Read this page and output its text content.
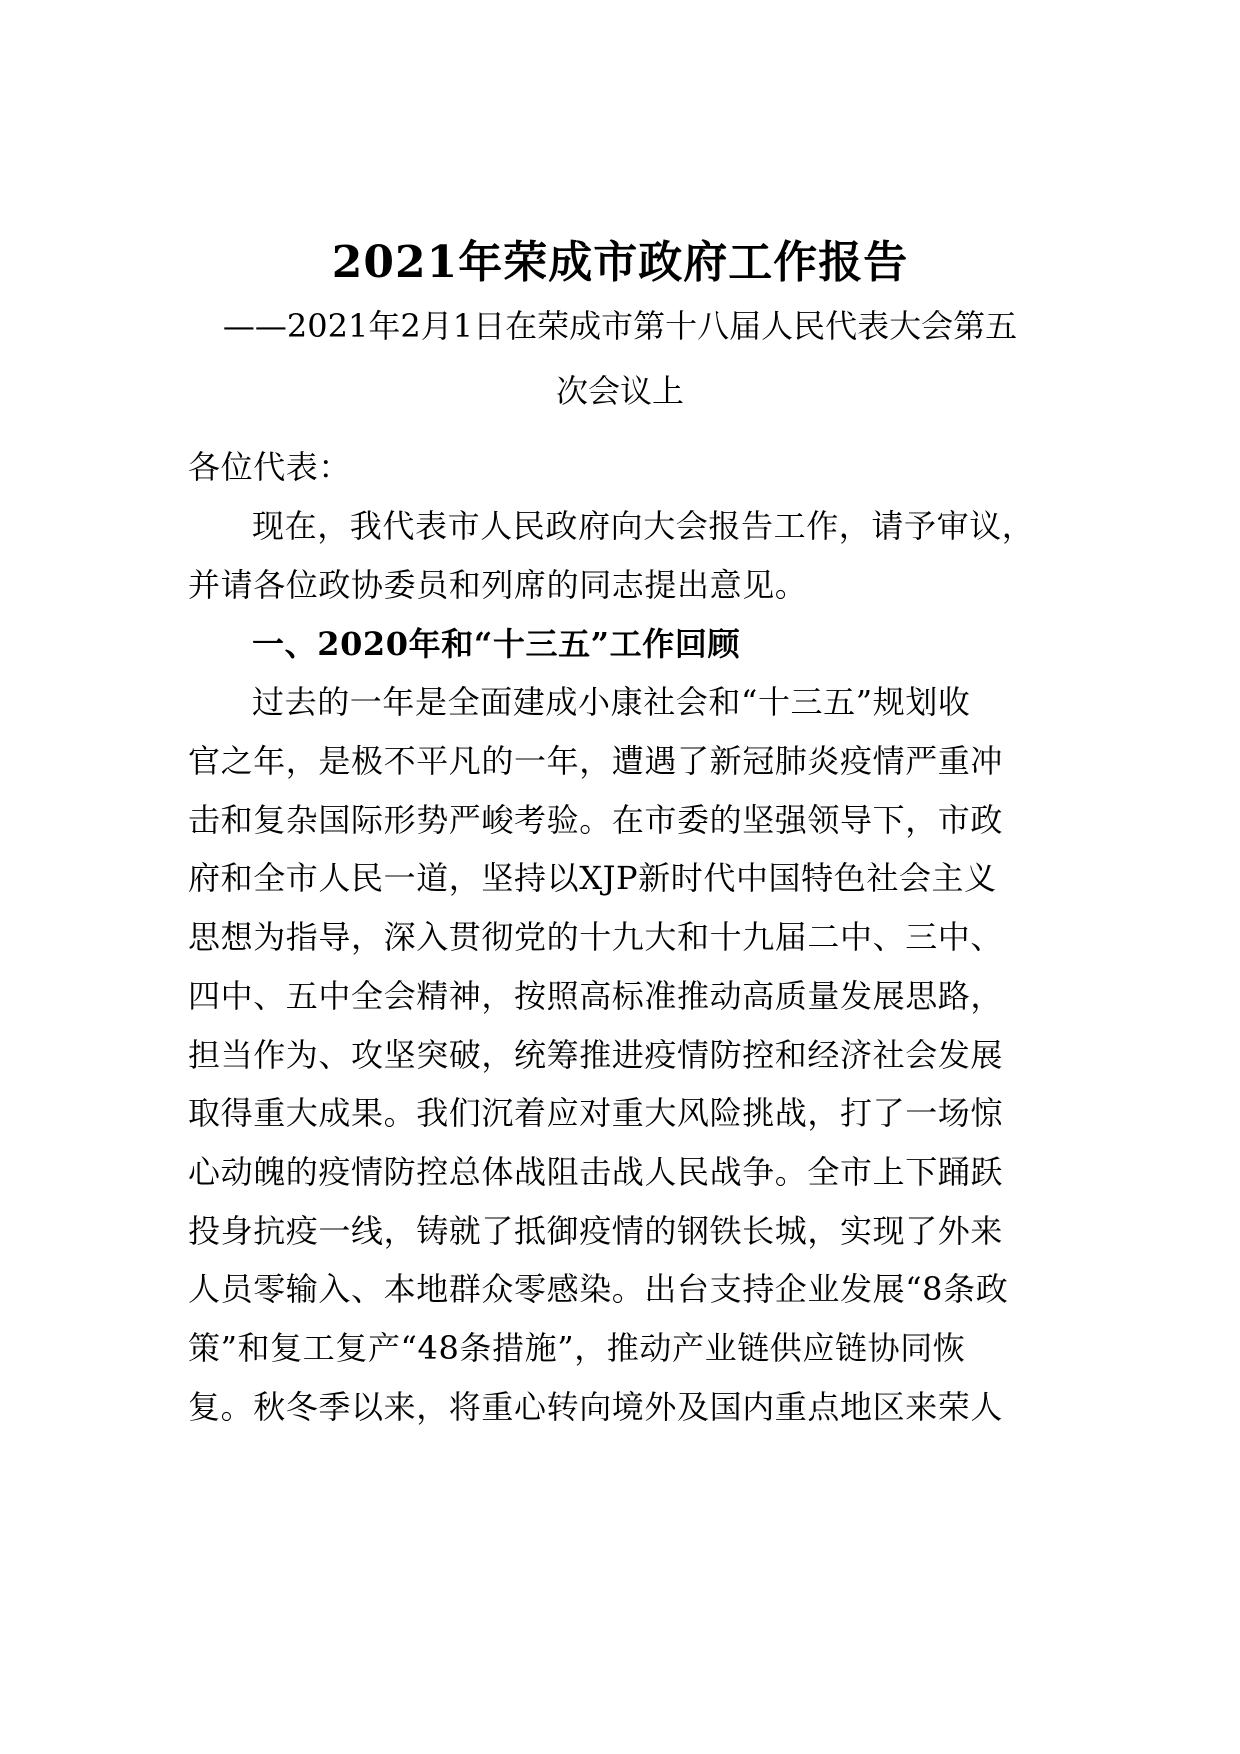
2021年荣成市政府工作报告
——2021年2月1日在荣成市第十八届人民代表大会第五
次会议上
各位代表：
现在，我代表市人民政府向大会报告工作，请予审议，
并请各位政协委员和列席的同志提出意见。
一、2020年和“十三五”工作回顾
过去的一年是全面建成小康社会和“十三五”规划收
官之年，是极不平凡的一年，遭遇了新冠肺炎疫情严重冲
击和复杂国际形势严峻考验。在市委的坚强领导下，市政
府和全市人民一道，坚持以XJP新时代中国特色社会主义
思想为指导，深入贯彻党的十九大和十九届二中、三中、
四中、五中全会精神，按照高标准推动高质量发展思路，
担当作为、攻坚突破，统筹推进疫情防控和经济社会发展
取得重大成果。我们沉着应对重大风险挑战，打了一场惊
心动魄的疫情防控总体战阻击战人民战争。全市上下踊跃
投身抗疫一线，铸就了抵御疫情的钢铁长城，实现了外来
人员零输入、本地群众零感染。出台支持企业发展“8条政
策”和复工复产“48条措施”，推动产业链供应链协同恢
复。秋冬季以来，将重心转向境外及国内重点地区来荣人
